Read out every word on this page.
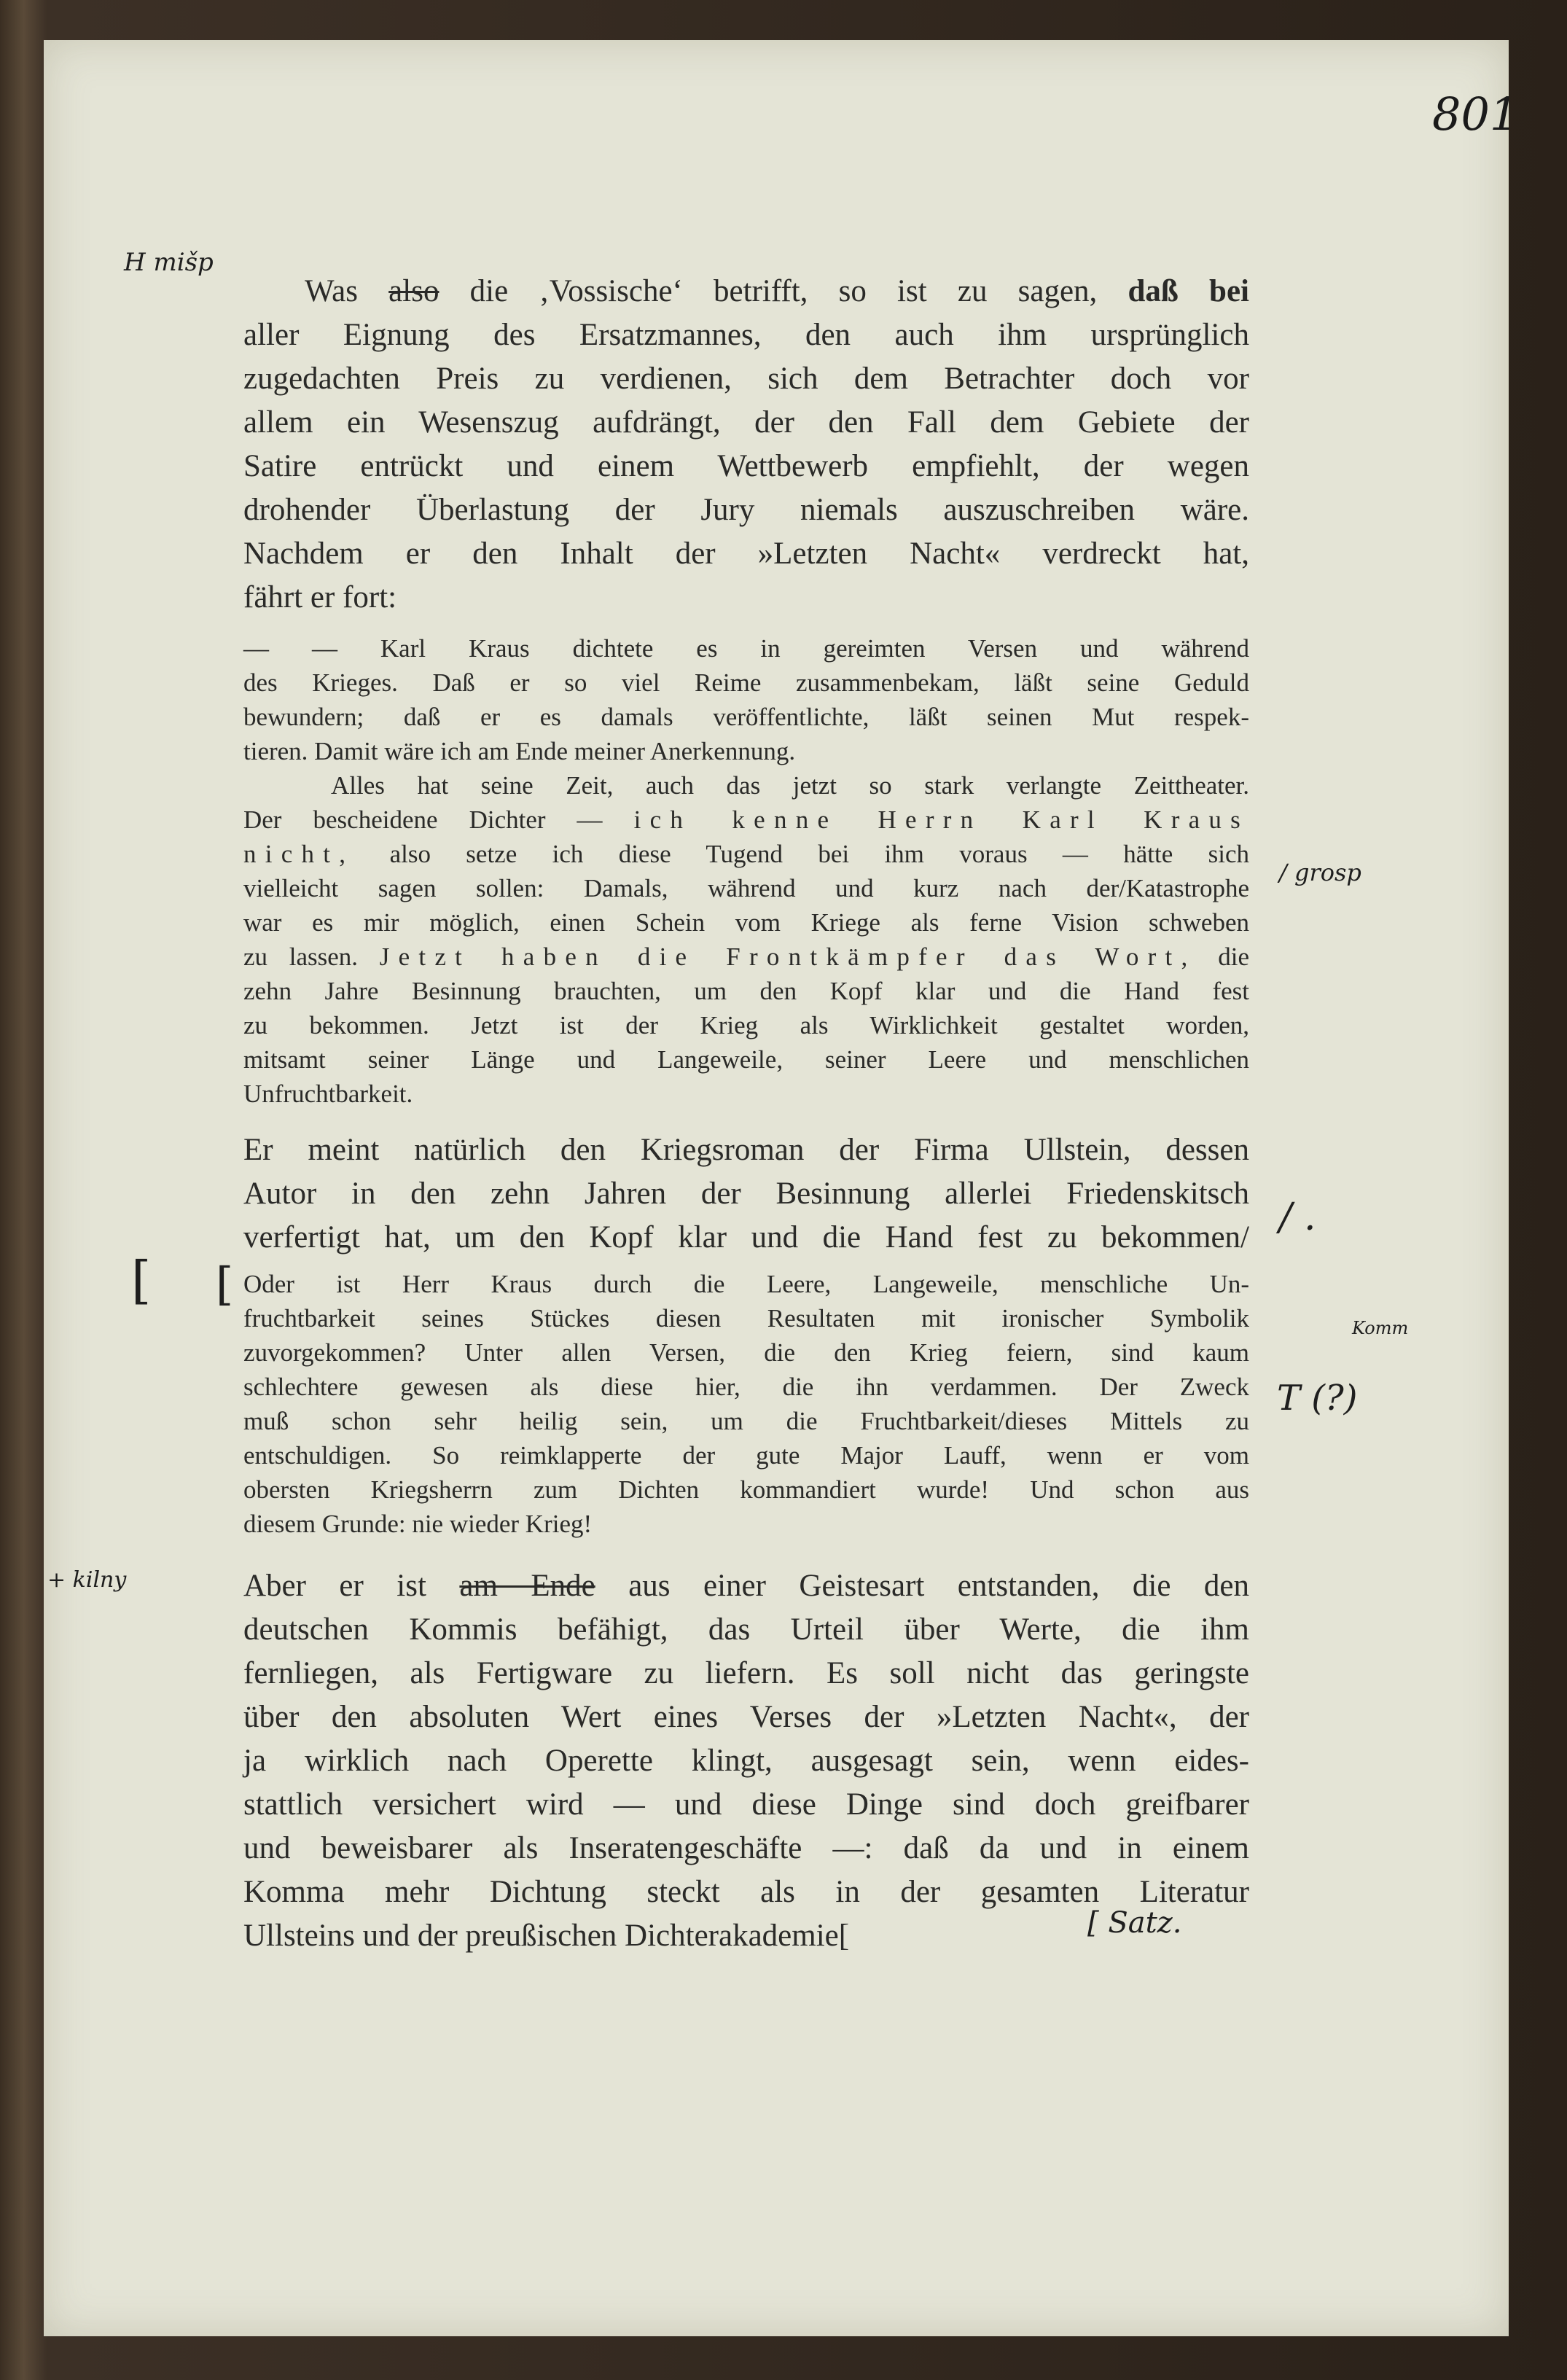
801
H mišp
/ grosp
[ [
/ .
Komm
T (?)
+ kilny
[ Satz.
Was also die ‚Vossische‘ betrifft, so ist zu sagen, daß bei
aller Eignung des Ersatzmannes, den auch ihm ursprünglich
zugedachten Preis zu verdienen, sich dem Betrachter doch vor
allem ein Wesenszug aufdrängt, der den Fall dem Gebiete der
Satire entrückt und einem Wettbewerb empfiehlt, der wegen
drohender Überlastung der Jury niemals auszuschreiben wäre.
Nachdem er den Inhalt der »Letzten Nacht« verdreckt hat,
fährt er fort:
— — Karl Kraus dichtete es in gereimten Versen und während
des Krieges. Daß er so viel Reime zusammenbekam, läßt seine Geduld
bewundern; daß er es damals veröffentlichte, läßt seinen Mut respek-
tieren. Damit wäre ich am Ende meiner Anerkennung.
Alles hat seine Zeit, auch das jetzt so stark verlangte Zeittheater.
Der bescheidene Dichter — ich kenne Herrn Karl Kraus
nicht, also setze ich diese Tugend bei ihm voraus — hätte sich
vielleicht sagen sollen: Damals, während und kurz nach der/Katastrophe
war es mir möglich, einen Schein vom Kriege als ferne Vision schweben
zu lassen. Jetzt haben die Frontkämpfer das Wort, die
zehn Jahre Besinnung brauchten, um den Kopf klar und die Hand fest
zu bekommen. Jetzt ist der Krieg als Wirklichkeit gestaltet worden,
mitsamt seiner Länge und Langeweile, seiner Leere und menschlichen
Unfruchtbarkeit.
Er meint natürlich den Kriegsroman der Firma Ullstein, dessen
Autor in den zehn Jahren der Besinnung allerlei Friedenskitsch
verfertigt hat, um den Kopf klar und die Hand fest zu bekommen/
Oder ist Herr Kraus durch die Leere, Langeweile, menschliche Un-
fruchtbarkeit seines Stückes diesen Resultaten mit ironischer Symbolik
zuvorgekommen? Unter allen Versen, die den Krieg feiern, sind kaum
schlechtere gewesen als diese hier, die ihn verdammen. Der Zweck
muß schon sehr heilig sein, um die Fruchtbarkeit/dieses Mittels zu
entschuldigen. So reimklapperte der gute Major Lauff, wenn er vom
obersten Kriegsherrn zum Dichten kommandiert wurde! Und schon aus
diesem Grunde: nie wieder Krieg!
Aber er ist am Ende aus einer Geistesart entstanden, die den
deutschen Kommis befähigt, das Urteil über Werte, die ihm
fernliegen, als Fertigware zu liefern. Es soll nicht das geringste
über den absoluten Wert eines Verses der »Letzten Nacht«, der
ja wirklich nach Operette klingt, ausgesagt sein, wenn eides-
stattlich versichert wird — und diese Dinge sind doch greifbarer
und beweisbarer als Inseratengeschäfte —: daß da und in einem
Komma mehr Dichtung steckt als in der gesamten Literatur
Ullsteins und der preußischen Dichterakademie[
